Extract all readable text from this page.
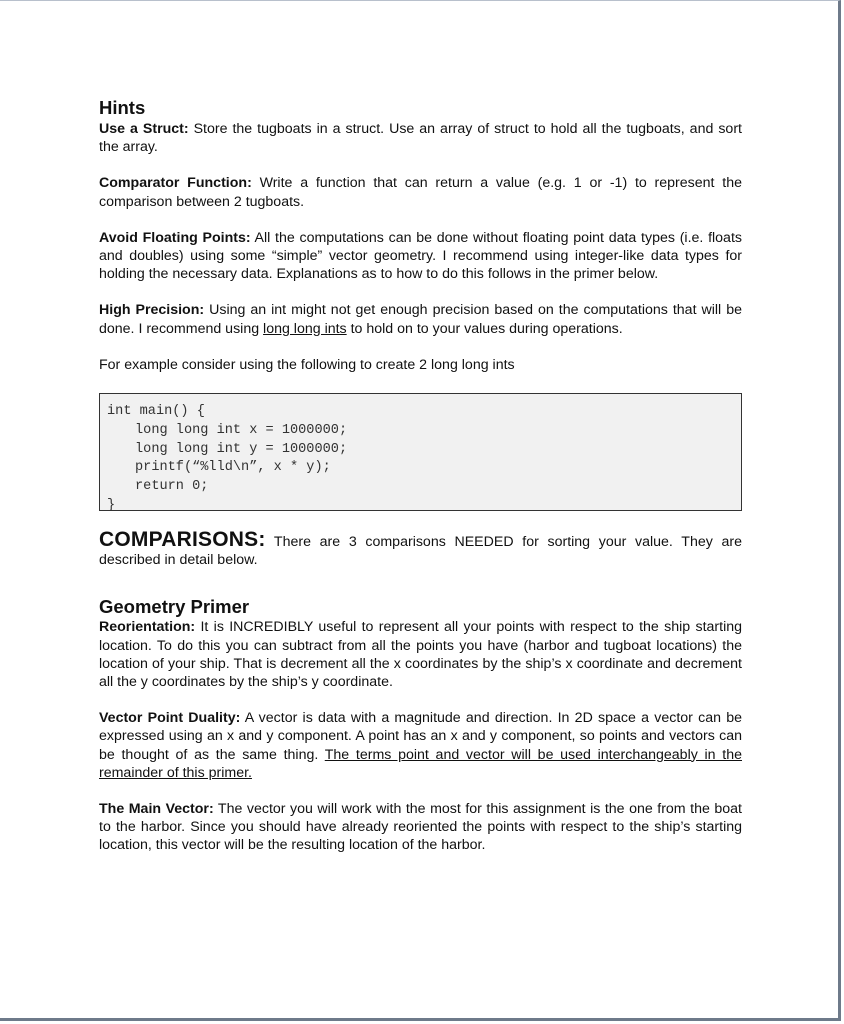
Hints

Use a Struct: Store the tugboats in a struct. Use an array of struct to hold all the tugboats, and sort the array.

Comparator Function: Write a function that can return a value (e.g. 1 or -1) to represent the comparison between 2 tugboats.

Avoid Floating Points: All the computations can be done without floating point data types (i.e. floats and doubles) using some “simple” vector geometry. I recommend using integer-like data types for holding the necessary data. Explanations as to how to do this follows in the primer below.

High Precision: Using an int might not get enough precision based on the computations that will be done. I recommend using long long ints to hold on to your values during operations.

For example consider using the following to create 2 long long ints

int main() {
long long int x = 1000000;
long long int y = 1000000;
printf(“%lld\n”, x * y);
return 0;
}

COMPARISONS: There are 3 comparisons NEEDED for sorting your value. They are described in detail below.

Geometry Primer

Reorientation: It is INCREDIBLY useful to represent all your points with respect to the ship starting location. To do this you can subtract from all the points you have (harbor and tugboat locations) the location of your ship. That is decrement all the x coordinates by the ship’s x coordinate and decrement all the y coordinates by the ship’s y coordinate.

Vector Point Duality: A vector is data with a magnitude and direction. In 2D space a vector can be expressed using an x and y component. A point has an x and y component, so points and vectors can be thought of as the same thing. The terms point and vector will be used interchangeably in the remainder of this primer.

The Main Vector: The vector you will work with the most for this assignment is the one from the boat to the harbor. Since you should have already reoriented the points with respect to the ship’s starting location, this vector will be the resulting location of the harbor.
